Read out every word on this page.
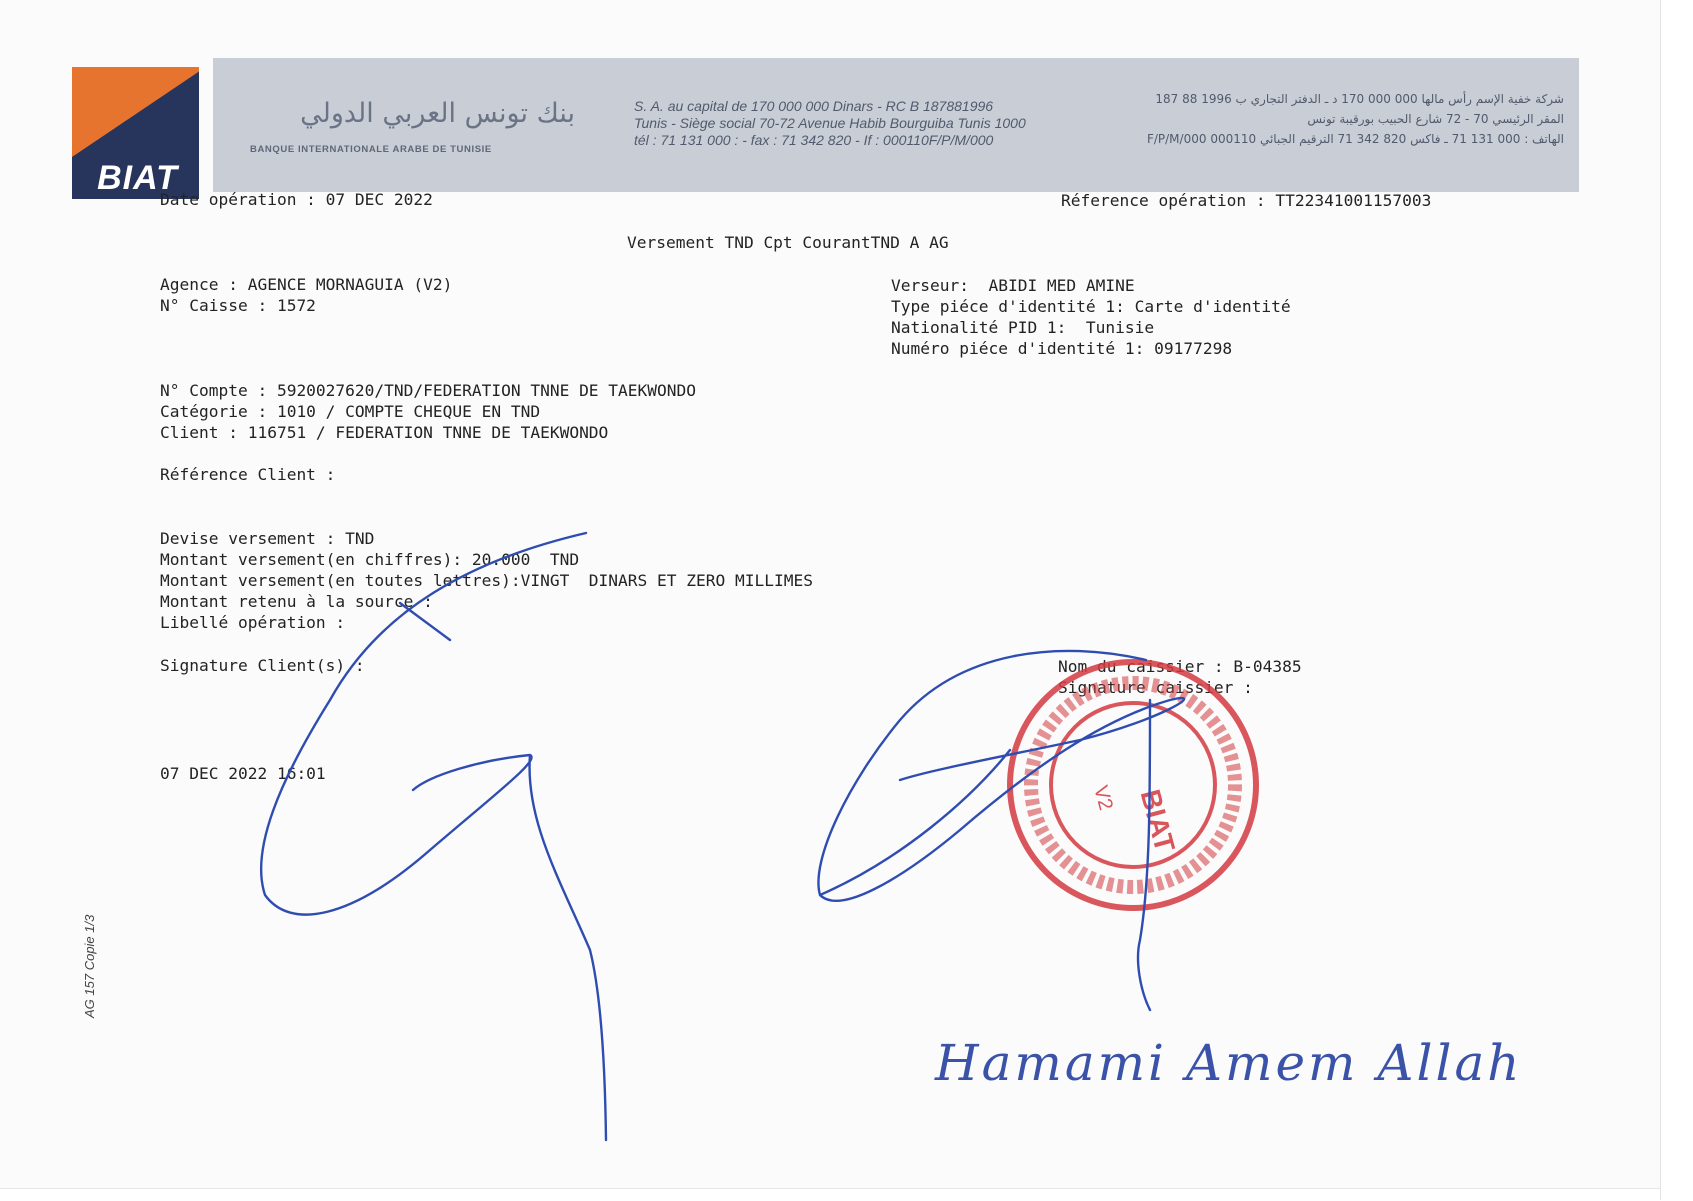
BIAT
بنك تونس العربي الدولي
BANQUE INTERNATIONALE ARABE DE TUNISIE
S. A. au capital de 170 000 000 Dinars - RC B 187881996
Tunis - Siège social 70-72 Avenue Habib Bourguiba Tunis 1000
tél : 71 131 000 : - fax : 71 342 820 - If : 000110F/P/M/000
شركة خفية الإسم رأس مالها 000 000 170 د ـ الدفتر التجاري ب 1996 88 187
المقر الرئيسي 70 - 72 شارع الحبيب بورقيبة تونس
الهاتف : 000 131 71 ـ فاكس 820 342 71 الترقيم الجبائي 000110 F/P/M/000
Date opération : 07 DEC 2022	Réference opération : TT22341001157003
Versement TND Cpt CourantTND A AG
Agence : AGENCE MORNAGUIA (V2)
N° Caisse : 1572
Verseur:  ABIDI MED AMINE
Type piéce d'identité 1: Carte d'identité
Nationalité PID 1:  Tunisie
Numéro piéce d'identité 1: 09177298
N° Compte : 5920027620/TND/FEDERATION TNNE DE TAEKWONDO
Catégorie : 1010 / COMPTE CHEQUE EN TND
Client : 116751 / FEDERATION TNNE DE TAEKWONDO
Référence Client :
Devise versement : TND
Montant versement(en chiffres): 20.000  TND
Montant versement(en toutes lettres):VINGT  DINARS ET ZERO MILLIMES
Montant retenu à la source :
Libellé opération :
Signature Client(s) :	Nom du caissier : B-04385
Signature caissier :
07 DEC 2022 16:01
AG 157 Copie 1/3
BIAT
V2
Hamami Amem Allah
